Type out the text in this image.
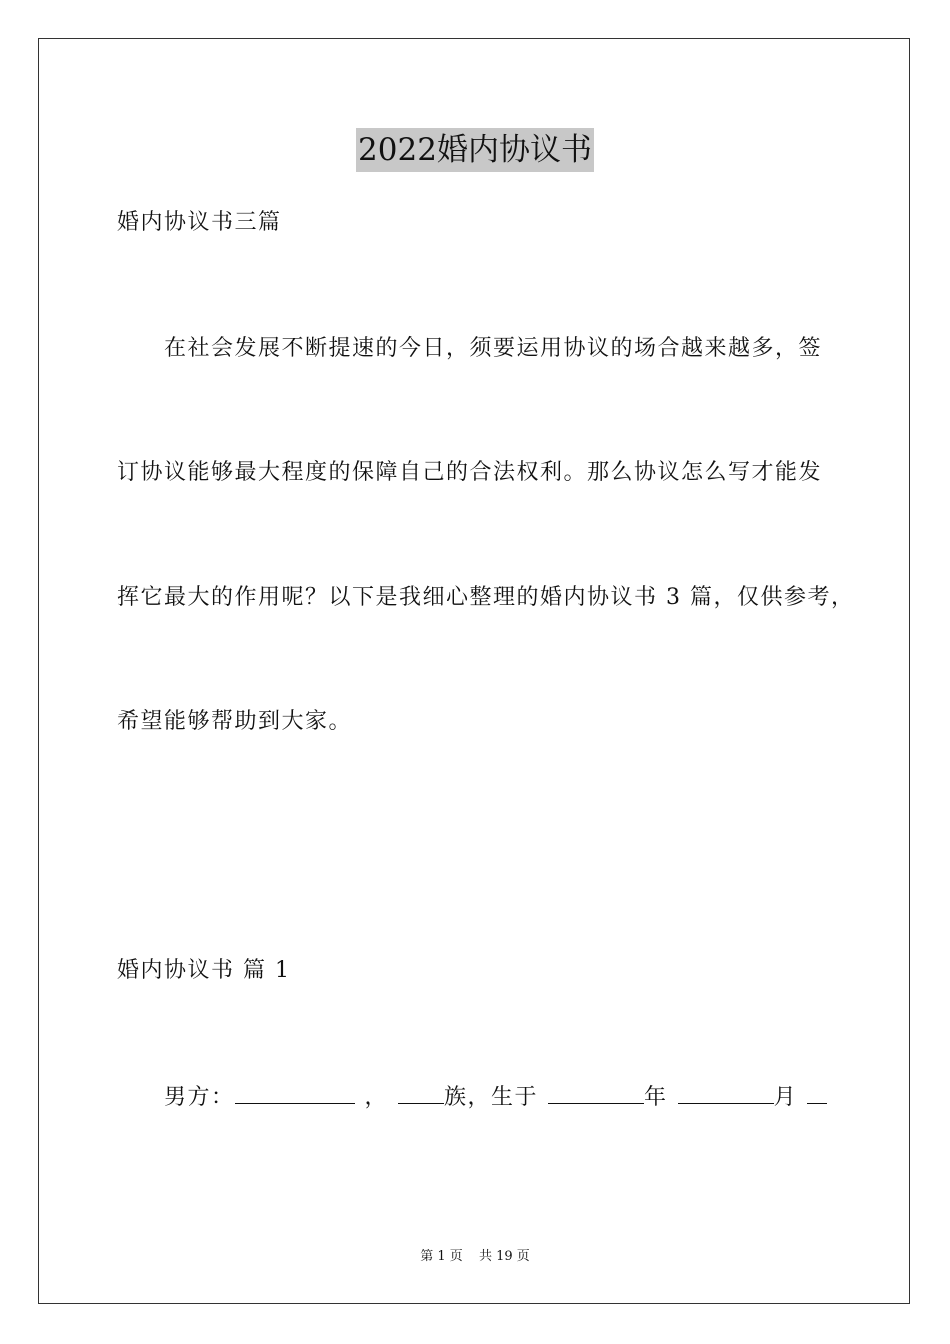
2022婚内协议书
婚内协议书三篇
在社会发展不断提速的今日，须要运用协议的场合越来越多，签
订协议能够最大程度的保障自己的合法权利。那么协议怎么写才能发
挥它最大的作用呢？以下是我细心整理的婚内协议书 3 篇，仅供参考，
希望能够帮助到大家。
婚内协议书 篇 1
男方：	，	族，生于	年	月
第 1 页 共 19 页
